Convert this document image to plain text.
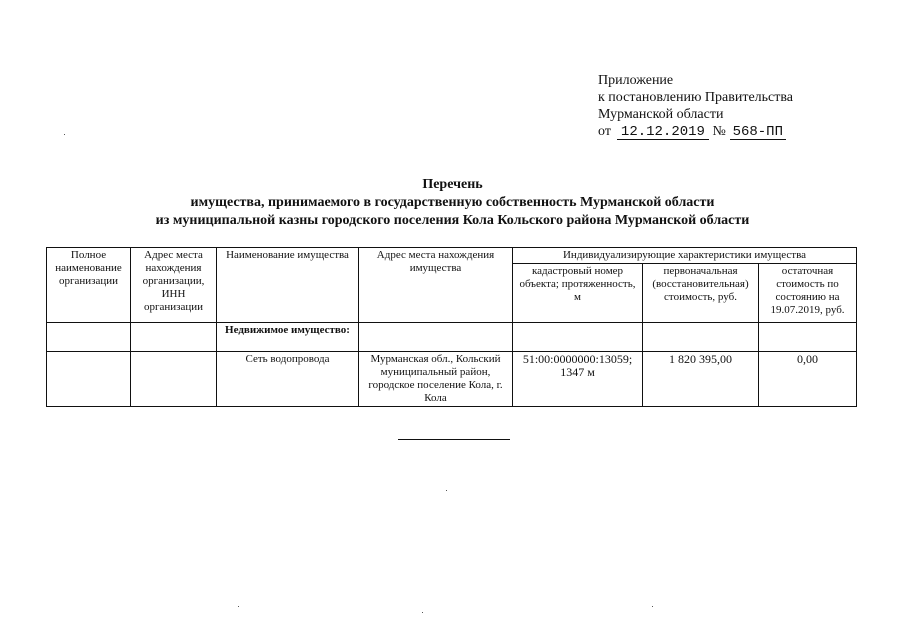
Приложение
к постановлению Правительства
Мурманской области
от 12.12.2019 № 568-ПП
Перечень
имущества, принимаемого в государственную собственность Мурманской области
из муниципальной казны городского поселения Кола Кольского района Мурманской области
Полное наименование организации	Адрес места нахождения организации, ИНН организации	Наименование имущества	Адрес места нахождения имущества	Индивидуализирующие характеристики имущества		
				кадастровый номер объекта; протяженность, м	первоначальная (восстановительная) стоимость, руб.	остаточная стоимость по состоянию на 19.07.2019, руб.
		Недвижимое имущество:				
		Сеть водопровода	Мурманская обл., Кольский муниципальный район, городское поселение Кола, г. Кола	51:00:0000000:13059; 1347 м	1 820 395,00	0,00
